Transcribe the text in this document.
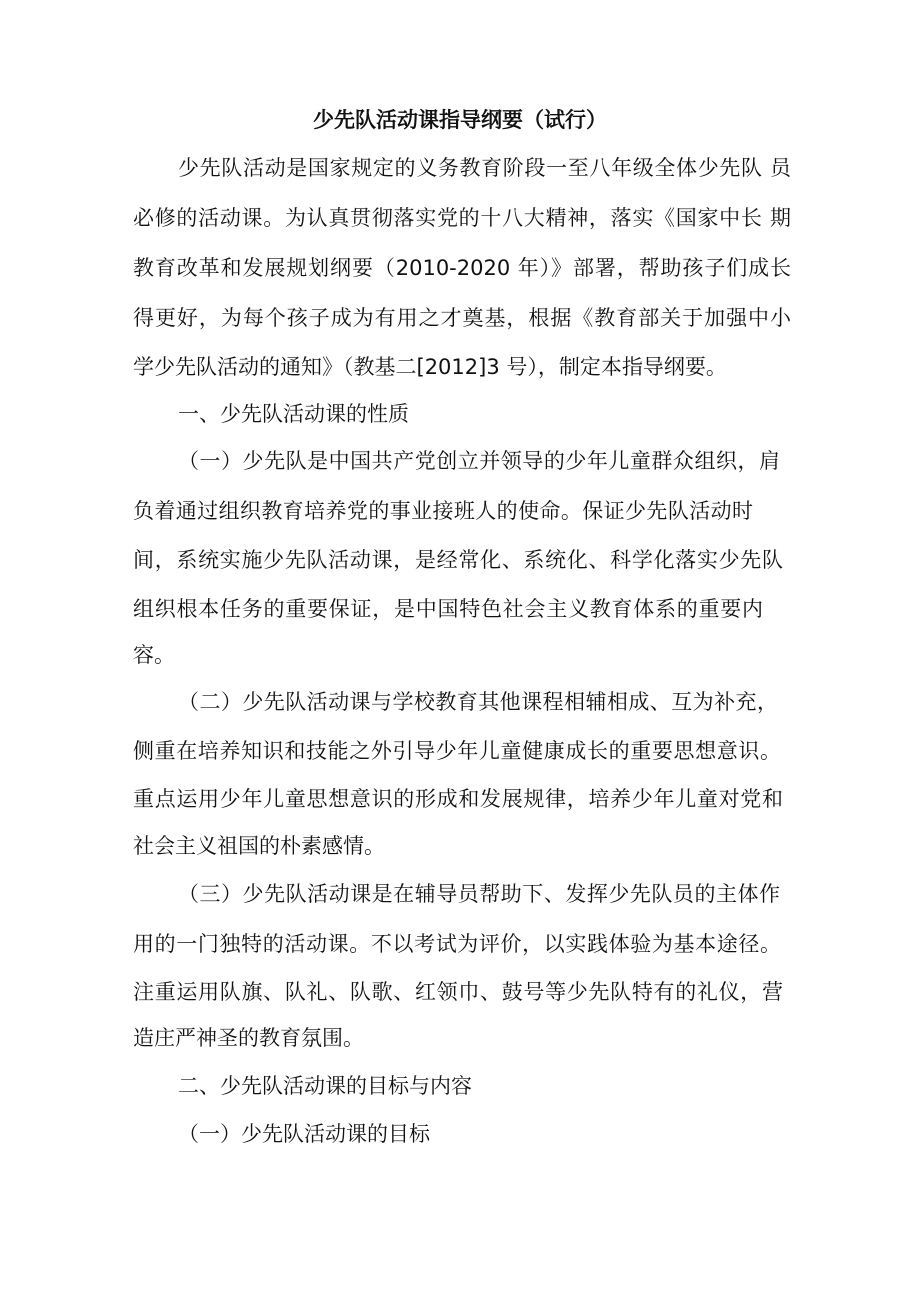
少先队活动课指导纲要（试行）
少先队活动是国家规定的义务教育阶段一至八年级全体少先队 员
必修的活动课。为认真贯彻落实党的十八大精神，落实《国家中长 期
教育改革和发展规划纲要（2010-2020 年）》部署，帮助孩子们成长
得更好，为每个孩子成为有用之才奠基，根据《教育部关于加强中小
学少先队活动的通知》（教基二[2012]3 号），制定本指导纲要。
一、少先队活动课的性质
（一）少先队是中国共产党创立并领导的少年儿童群众组织，肩
负着通过组织教育培养党的事业接班人的使命。保证少先队活动时
间，系统实施少先队活动课，是经常化、系统化、科学化落实少先队
组织根本任务的重要保证，是中国特色社会主义教育体系的重要内
容。
（二）少先队活动课与学校教育其他课程相辅相成、互为补充，
侧重在培养知识和技能之外引导少年儿童健康成长的重要思想意识。
重点运用少年儿童思想意识的形成和发展规律，培养少年儿童对党和
社会主义祖国的朴素感情。
（三）少先队活动课是在辅导员帮助下、发挥少先队员的主体作
用的一门独特的活动课。不以考试为评价，以实践体验为基本途径。
注重运用队旗、队礼、队歌、红领巾、鼓号等少先队特有的礼仪，营
造庄严神圣的教育氛围。
二、少先队活动课的目标与内容
（一）少先队活动课的目标
